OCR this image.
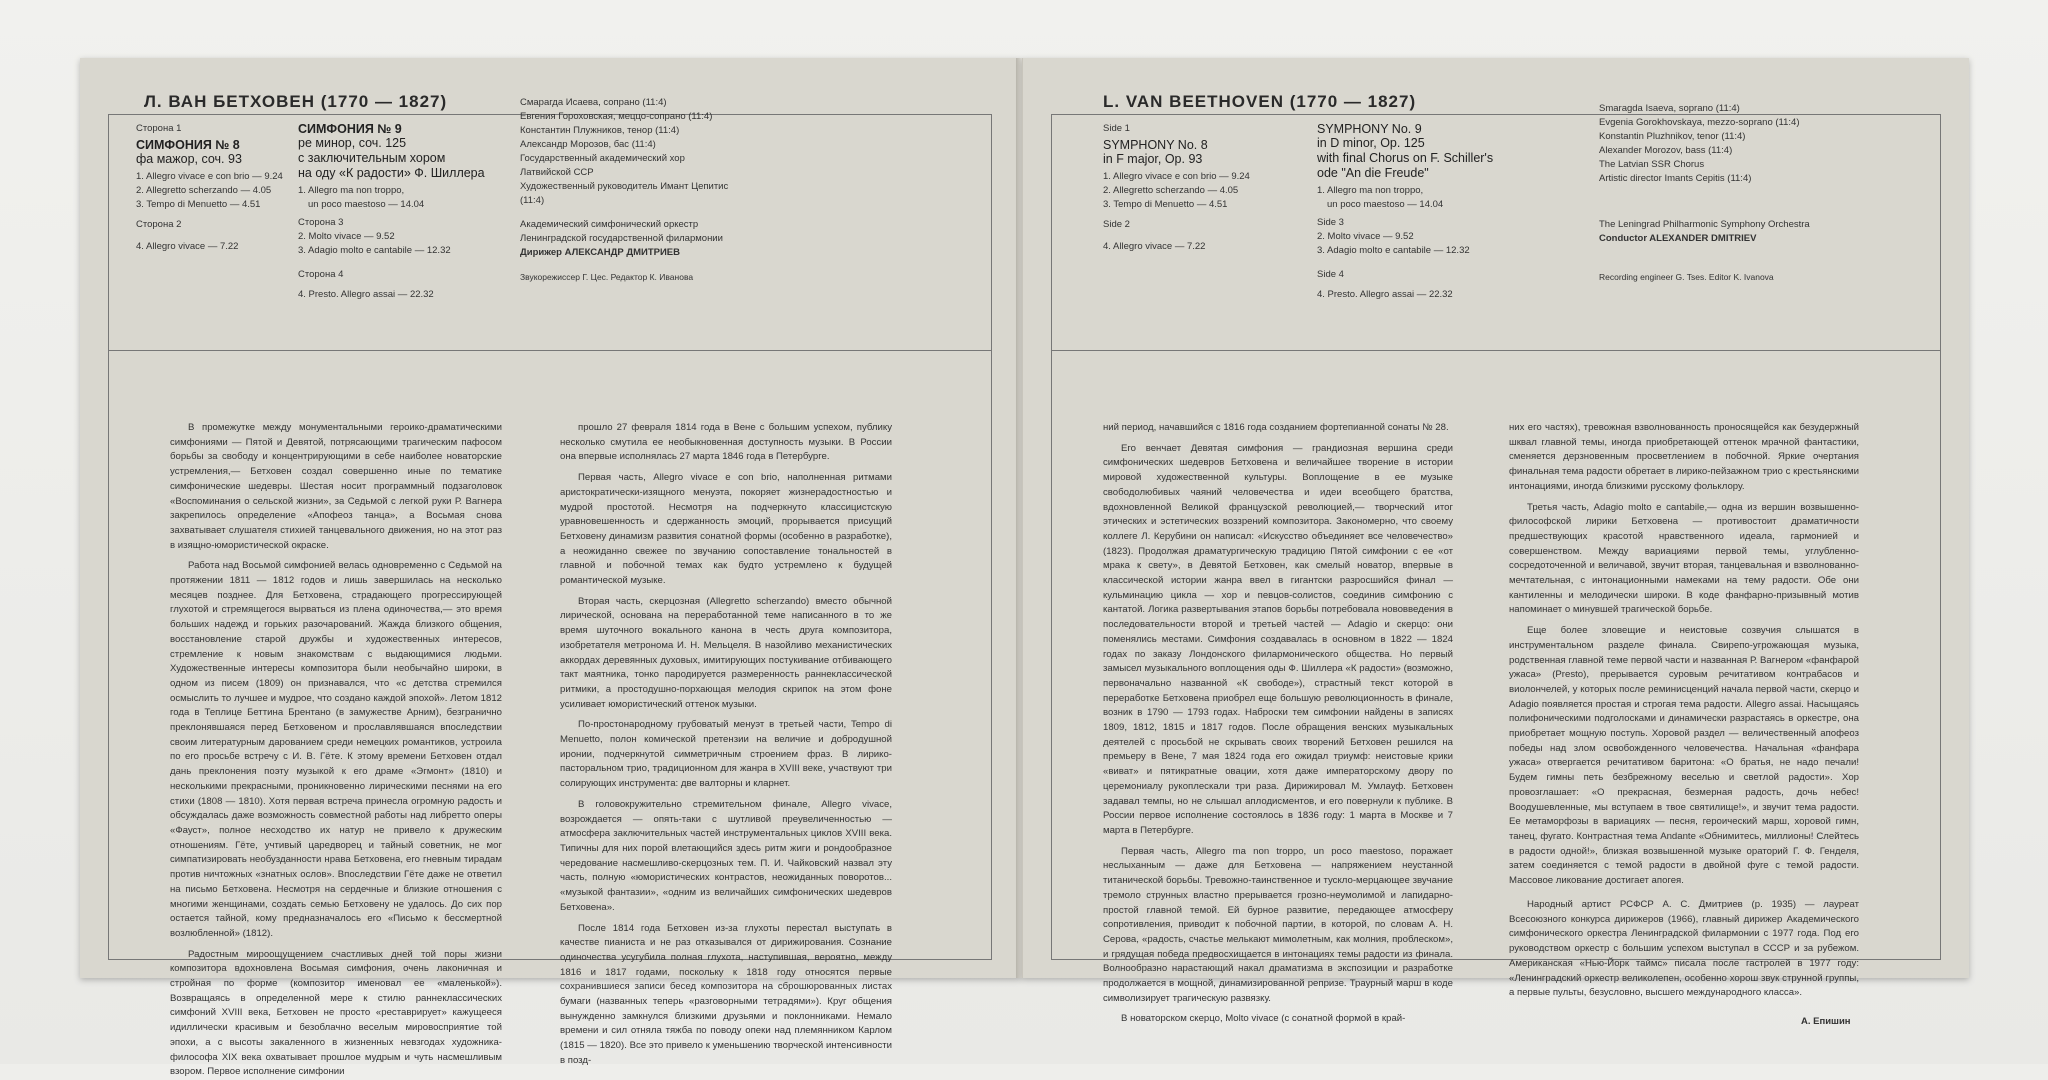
Л. ВАН БЕТХОВЕН (1770 — 1827)
Сторона 1
СИМФОНИЯ № 8
фа мажор, соч. 93
1. Allegro vivace e con brio — 9.24
2. Allegretto scherzando — 4.05
3. Tempo di Menuetto — 4.51
Сторона 2
4. Allegro vivace — 7.22
СИМФОНИЯ № 9
ре минор, соч. 125
с заключительным хором
на оду «К радости» Ф. Шиллера
1. Allegro ma non troppo,
un poco maestoso — 14.04
Сторона 3
2. Molto vivace — 9.52
3. Adagio molto e cantabile — 12.32
Сторона 4
4. Presto. Allegro assai — 22.32
Смарагда Исаева, сопрано (11:4)
Евгения Гороховская, меццо-сопрано (11:4)
Константин Плужников, тенор (11:4)
Александр Морозов, бас (11:4)
Государственный академический хор
Латвийской ССР
Художественный руководитель Имант Цепитис
(11:4)
Академический симфонический оркестр
Ленинградской государственной филармонии
Дирижер АЛЕКСАНДР ДМИТРИЕВ
Звукорежиссер Г. Цес. Редактор К. Иванова

В промежутке между монументальными героико-драматическими симфониями — Пятой и Девятой, потрясающими трагическим пафосом борьбы за свободу и концентрирующими в себе наиболее новаторские устремления,— Бетховен создал совершенно иные по тематике симфонические шедевры. Шестая носит программный подзаголовок «Воспоминания о сельской жизни», за Седьмой с легкой руки Р. Вагнера закрепилось определение «Апофеоз танца», а Восьмая снова захватывает слушателя стихией танцевального движения, но на этот раз в изящно-юмористической окраске.

Работа над Восьмой симфонией велась одновременно с Седьмой на протяжении 1811 — 1812 годов и лишь завершилась на несколько месяцев позднее. Для Бетховена, страдающего прогрессирующей глухотой и стремящегося вырваться из плена одиночества,— это время больших надежд и горьких разочарований. Жажда близкого общения, восстановление старой дружбы и художественных интересов, стремление к новым знакомствам с выдающимися людьми. Художественные интересы композитора были необычайно широки, в одном из писем (1809) он признавался, что «с детства стремился осмыслить то лучшее и мудрое, что создано каждой эпохой». Летом 1812 года в Теплице Беттина Брентано (в замужестве Арним), безгранично преклонявшаяся перед Бетховеном и прославлявшаяся впоследствии своим литературным дарованием среди немецких романтиков, устроила по его просьбе встречу с И. В. Гёте. К этому времени Бетховен отдал дань преклонения поэту музыкой к его драме «Эгмонт» (1810) и несколькими прекрасными, проникновенно лирическими песнями на его стихи (1808 — 1810). Хотя первая встреча принесла огромную радость и обсуждалась даже возможность совместной работы над либретто оперы «Фауст», полное несходство их натур не привело к дружеским отношениям. Гёте, учтивый царедворец и тайный советник, не мог симпатизировать необузданности нрава Бетховена, его гневным тирадам против ничтожных «знатных ослов». Впоследствии Гёте даже не ответил на письмо Бетховена. Несмотря на сердечные и близкие отношения с многими женщинами, создать семью Бетховену не удалось. До сих пор остается тайной, кому предназначалось его «Письмо к бессмертной возлюбленной» (1812).

Радостным мироощущением счастливых дней той поры жизни композитора вдохновлена Восьмая симфония, очень лаконичная и стройная по форме (композитор именовал ее «маленькой»). Возвращаясь в определенной мере к стилю раннеклассических симфоний XVIII века, Бетховен не просто «реставрирует» кажущееся идиллически красивым и безоблачно веселым мировосприятие той эпохи, а с высоты закаленного в жизненных невзгодах художника-философа XIX века охватывает прошлое мудрым и чуть насмешливым взором. Первое исполнение симфонии

прошло 27 февраля 1814 года в Вене с большим успехом, публику несколько смутила ее необыкновенная доступность музыки. В России она впервые исполнялась 27 марта 1846 года в Петербурге.

Первая часть, Allegro vivace e con brio, наполненная ритмами аристократически-изящного менуэта, покоряет жизнерадостностью и мудрой простотой. Несмотря на подчеркнуто классицистскую уравновешенность и сдержанность эмоций, прорывается присущий Бетховену динамизм развития сонатной формы (особенно в разработке), а неожиданно свежее по звучанию сопоставление тональностей в главной и побочной темах как будто устремлено к будущей романтической музыке.

Вторая часть, скерцозная (Allegretto scherzando) вместо обычной лирической, основана на переработанной теме написанного в то же время шуточного вокального канона в честь друга композитора, изобретателя метронома И. Н. Мельцеля. В назойливо механистических аккордах деревянных духовых, имитирующих постукивание отбивающего такт маятника, тонко пародируется размеренность раннеклассической ритмики, а простодушно-порхающая мелодия скрипок на этом фоне усиливает юмористический оттенок музыки.

По-простонародному грубоватый менуэт в третьей части, Tempo di Menuetto, полон комической претензии на величие и добродушной иронии, подчеркнутой симметричным строением фраз. В лирико-пасторальном трио, традиционном для жанра в XVIII веке, участвуют три солирующих инструмента: две валторны и кларнет.

В головокружительно стремительном финале, Allegro vivace, возрождается — опять-таки с шутливой преувеличенностью — атмосфера заключительных частей инструментальных циклов XVIII века. Типичны для них порой влетающийся здесь ритм жиги и рондообразное чередование насмешливо-скерцозных тем. П. И. Чайковский назвал эту часть, полную «юмористических контрастов, неожиданных поворотов... «музыкой фантазии», «одним из величайших симфонических шедевров Бетховена».

После 1814 года Бетховен из-за глухоты перестал выступать в качестве пианиста и не раз отказывался от дирижирования. Сознание одиночества усугубила полная глухота, наступившая, вероятно, между 1816 и 1817 годами, поскольку к 1818 году относятся первые сохранившиеся записи бесед композитора на сброшюрованных листах бумаги (названных теперь «разговорными тетрадями»). Круг общения вынужденно замкнулся близкими друзьями и поклонниками. Немало времени и сил отняла тяжба по поводу опеки над племянником Карлом (1815 — 1820). Все это привело к уменьшению творческой интенсивности в позд-

L. VAN BEETHOVEN (1770 — 1827)
Side 1
SYMPHONY No. 8
in F major, Op. 93
1. Allegro vivace e con brio — 9.24
2. Allegretto scherzando — 4.05
3. Tempo di Menuetto — 4.51
Side 2
4. Allegro vivace — 7.22
SYMPHONY No. 9
in D minor, Op. 125
with final Chorus on F. Schiller's
ode "An die Freude"
1. Allegro ma non troppo,
un poco maestoso — 14.04
Side 3
2. Molto vivace — 9.52
3. Adagio molto e cantabile — 12.32
Side 4
4. Presto. Allegro assai — 22.32
Smaragda Isaeva, soprano (11:4)
Evgenia Gorokhovskaya, mezzo-soprano (11:4)
Konstantin Pluzhnikov, tenor (11:4)
Alexander Morozov, bass (11:4)
The Latvian SSR Chorus
Artistic director Imants Cepitis (11:4)
The Leningrad Philharmonic Symphony Orchestra
Conductor ALEXANDER DMITRIEV
Recording engineer G. Tses. Editor K. Ivanova

ний период, начавшийся с 1816 года созданием фортепианной сонаты № 28.

Его венчает Девятая симфония — грандиозная вершина среди симфонических шедевров Бетховена и величайшее творение в истории мировой художественной культуры. Воплощение в ее музыке свободолюбивых чаяний человечества и идеи всеобщего братства, вдохновленной Великой французской революцией,— творческий итог этических и эстетических воззрений композитора. Закономерно, что своему коллеге Л. Керубини он написал: «Искусство объединяет все человечество» (1823). Продолжая драматургическую традицию Пятой симфонии с ее «от мрака к свету», в Девятой Бетховен, как смелый новатор, впервые в классической истории жанра ввел в гигантски разросшийся финал — кульминацию цикла — хор и певцов-солистов, соединив симфонию с кантатой. Логика развертывания этапов борьбы потребовала нововведения в последовательности второй и третьей частей — Adagio и скерцо: они поменялись местами. Симфония создавалась в основном в 1822 — 1824 годах по заказу Лондонского филармонического общества. Но первый замысел музыкального воплощения оды Ф. Шиллера «К радости» (возможно, первоначально названной «К свободе»), страстный текст которой в переработке Бетховена приобрел еще большую революционность в финале, возник в 1790 — 1793 годах. Наброски тем симфонии найдены в записях 1809, 1812, 1815 и 1817 годов. После обращения венских музыкальных деятелей с просьбой не скрывать своих творений Бетховен решился на премьеру в Вене, 7 мая 1824 года его ожидал триумф: неистовые крики «виват» и пятикратные овации, хотя даже императорскому двору по церемониалу рукоплескали три раза. Дирижировал М. Умлауф. Бетховен задавал темпы, но не слышал аплодисментов, и его повернули к публике. В России первое исполнение состоялось в 1836 году: 1 марта в Москве и 7 марта в Петербурге.

Первая часть, Allegro ma non troppo, un poco maestoso, поражает неслыханным — даже для Бетховена — напряжением неустанной титанической борьбы. Тревожно-таинственное и тускло-мерцающее звучание тремоло струнных властно прерывается грозно-неумолимой и лапидарно-простой главной темой. Ей бурное развитие, передающее атмосферу сопротивления, приводит к побочной партии, в которой, по словам А. Н. Серова, «радость, счастье мелькают мимолетным, как молния, проблеском», и грядущая победа предвосхищается в интонациях темы радости из финала. Волнообразно нарастающий накал драматизма в экспозиции и разработке продолжается в мощной, динамизированной репризе. Траурный марш в коде символизирует трагическую развязку.

В новаторском скерцо, Molto vivace (с сонатной формой в край-

них его частях), тревожная взволнованность проносящейся как безудержный шквал главной темы, иногда приобретающей оттенок мрачной фантастики, сменяется дерзновенным просветлением в побочной. Яркие очертания финальная тема радости обретает в лирико-пейзажном трио с крестьянскими интонациями, иногда близкими русскому фольклору.

Третья часть, Adagio molto e cantabile,— одна из вершин возвышенно-философской лирики Бетховена — противостоит драматичности предшествующих красотой нравственного идеала, гармонией и совершенством. Между вариациями первой темы, углубленно-сосредоточенной и величавой, звучит вторая, танцевальная и взволнованно-мечтательная, с интонационными намеками на тему радости. Обе они кантиленны и мелодически широки. В коде фанфарно-призывный мотив напоминает о минувшей трагической борьбе.

Еще более зловещие и неистовые созвучия слышатся в инструментальном разделе финала. Свирепо-угрожающая музыка, родственная главной теме первой части и названная Р. Вагнером «фанфарой ужаса» (Presto), прерывается суровым речитативом контрабасов и виолончелей, у которых после реминисценций начала первой части, скерцо и Adagio появляется простая и строгая тема радости. Allegro assai. Насыщаясь полифоническими подголосками и динамически разрастаясь в оркестре, она приобретает мощную поступь. Хоровой раздел — величественный апофеоз победы над злом освобожденного человечества. Начальная «фанфара ужаса» отвергается речитативом баритона: «О братья, не надо печали! Будем гимны петь безбрежному веселью и светлой радости». Хор провозглашает: «О прекрасная, безмерная радость, дочь небес! Воодушевленные, мы вступаем в твое святилище!», и звучит тема радости. Ее метаморфозы в вариациях — песня, героический марш, хоровой гимн, танец, фугато. Контрастная тема Andante «Обнимитесь, миллионы! Слейтесь в радости одной!», близкая возвышенной музыке ораторий Г. Ф. Генделя, затем соединяется с темой радости в двойной фуге с темой радости. Массовое ликование достигает апогея.

Народный артист РСФСР А. С. Дмитриев (р. 1935) — лауреат Всесоюзного конкурса дирижеров (1966), главный дирижер Академического симфонического оркестра Ленинградской филармонии с 1977 года. Под его руководством оркестр с большим успехом выступал в СССР и за рубежом. Американская «Нью-Йорк таймс» писала после гастролей в 1977 году: «Ленинградский оркестр великолепен, особенно хорош звук струнной группы, а первые пульты, безусловно, высшего международного класса».

А. Епишин
